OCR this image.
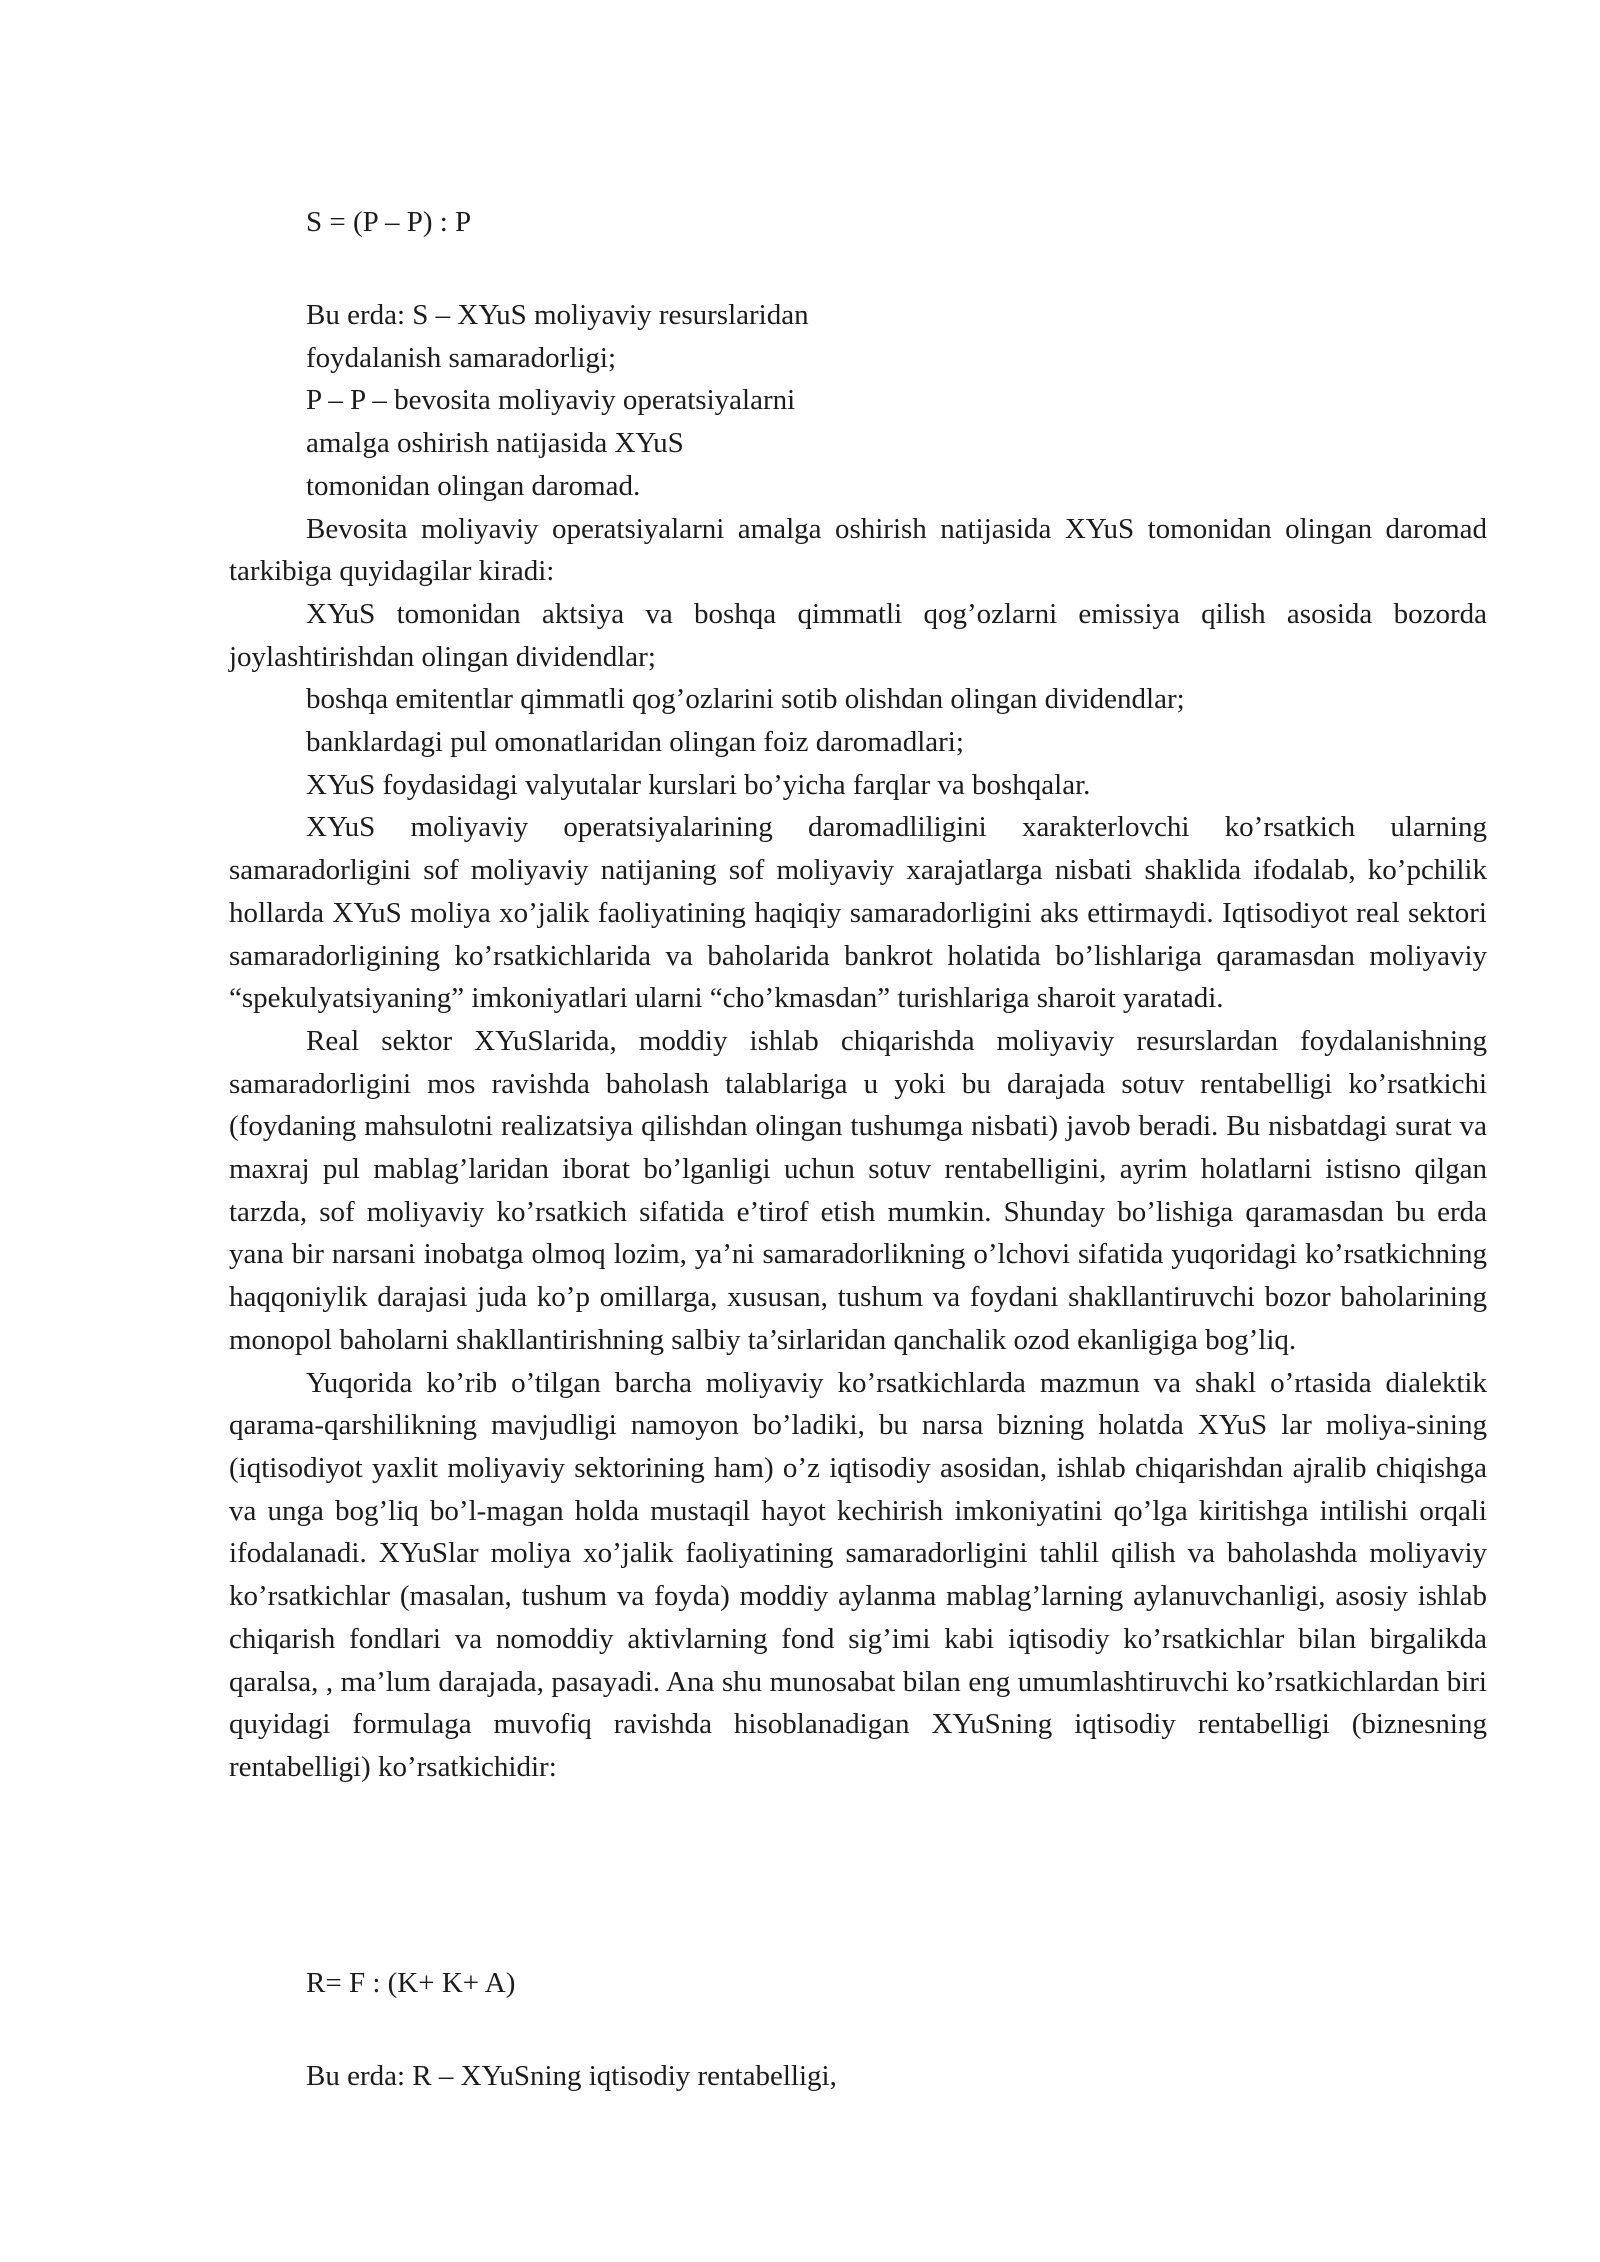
S = (P – P) : P
Bu erda: S – XYuS moliyaviy resurslaridan
foydalanish samaradorligi;
P – P – bevosita moliyaviy operatsiyalarni
amalga oshirish natijasida XYuS
tomonidan olingan daromad.

Bevosita moliyaviy operatsiyalarni amalga oshirish natijasida XYuS tomonidan olingan daromad tarkibiga quyidagilar kiradi:

XYuS tomonidan aktsiya va boshqa qimmatli qog’ozlarni emissiya qilish asosida bozorda joylashtirishdan olingan dividendlar;

boshqa emitentlar qimmatli qog’ozlarini sotib olishdan olingan dividendlar;

banklardagi pul omonatlaridan olingan foiz daromadlari;

XYuS foydasidagi valyutalar kurslari bo’yicha farqlar va boshqalar.

XYuS moliyaviy operatsiyalarining daromadliligini xarakterlovchi ko’rsatkich ularning samaradorligini sof moliyaviy natijaning sof moliyaviy xarajatlarga nisbati shaklida ifodalab, ko’pchilik hollarda XYuS moliya xo’jalik faoliyatining haqiqiy samaradorligini aks ettirmaydi. Iqtisodiyot real sektori samaradorligining ko’rsatkichlarida va baholarida bankrot holatida bo’lishlariga qaramasdan moliyaviy “spekulyatsiyaning” imkoniyatlari ularni “cho’kmasdan” turishlariga sharoit yaratadi.

Real sektor XYuSlarida, moddiy ishlab chiqarishda moliyaviy resurslardan foydalanishning samaradorligini mos ravishda baholash talablariga u yoki bu darajada sotuv rentabelligi ko’rsatkichi (foydaning mahsulotni realizatsiya qilishdan olingan tushumga nisbati) javob beradi. Bu nisbatdagi surat va maxraj pul mablag’laridan iborat bo’lganligi uchun sotuv rentabelligini, ayrim holatlarni istisno qilgan tarzda, sof moliyaviy ko’rsatkich sifatida e’tirof etish mumkin. Shunday bo’lishiga qaramasdan bu erda yana bir narsani inobatga olmoq lozim, ya’ni samaradorlikning o’lchovi sifatida yuqoridagi ko’rsatkichning haqqoniylik darajasi juda ko’p omillarga, xususan, tushum va foydani shakllantiruvchi bozor baholarining monopol baholarni shakllantirishning salbiy ta’sirlaridan qanchalik ozod ekanligiga bog’liq.

Yuqorida ko’rib o’tilgan barcha moliyaviy ko’rsatkichlarda mazmun va shakl o’rtasida dialektik qarama-qarshilikning mavjudligi namoyon bo’ladiki, bu narsa bizning holatda XYuS lar moliya-sining (iqtisodiyot yaxlit moliyaviy sektorining ham) o’z iqtisodiy asosidan, ishlab chiqarishdan ajralib chiqishga va unga bog’liq bo’l-magan holda mustaqil hayot kechirish imkoniyatini qo’lga kiritishga intilishi orqali ifodalanadi. XYuSlar moliya xo’jalik faoliyatining samaradorligini tahlil qilish va baholashda moliyaviy ko’rsatkichlar (masalan, tushum va foyda) moddiy aylanma mablag’larning aylanuvchanligi, asosiy ishlab chiqarish fondlari va nomoddiy aktivlarning fond sig’imi kabi iqtisodiy ko’rsatkichlar bilan birgalikda qaralsa, , ma’lum darajada, pasayadi. Ana shu munosabat bilan eng umumlashtiruvchi ko’rsatkichlardan biri quyidagi formulaga muvofiq ravishda hisoblanadigan XYuSning iqtisodiy rentabelligi (biznesning rentabelligi) ko’rsatkichidir:

R= F : (K+ K+ A)
Bu erda: R – XYuSning iqtisodiy rentabelligi,
